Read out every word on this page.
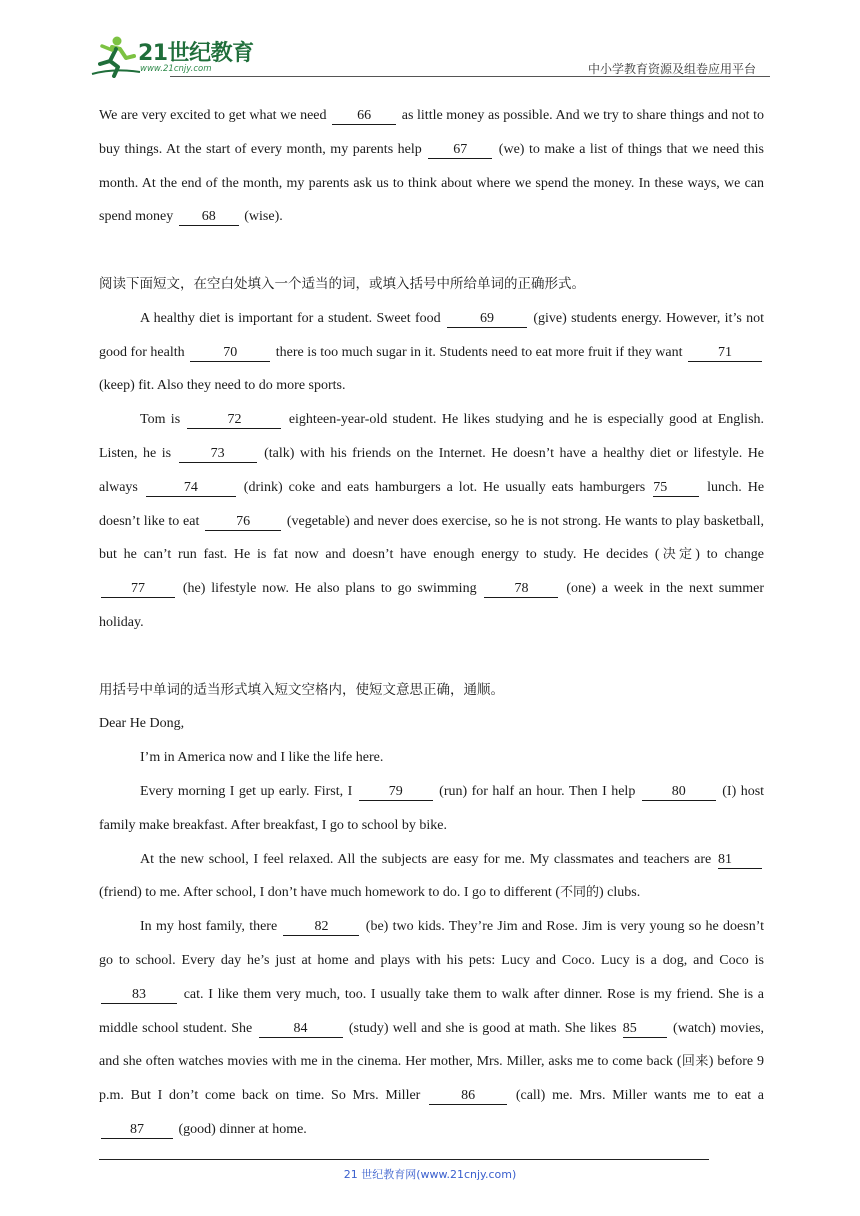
21世纪教育
www.21cnjy.com	中小学教育资源及组卷应用平台

We are very excited to get what we need 66 as little money as possible. And we try to share things and not to buy things. At the start of every month, my parents help 67 (we) to make a list of things that we need this month. At the end of the month, my parents ask us to think about where we spend the money. In these ways, we can spend money 68 (wise).

阅读下面短文，在空白处填入一个适当的词，或填入括号中所给单词的正确形式。

A healthy diet is important for a student. Sweet food	69	(give) students energy. However, it’s not good for health	70	there is too much sugar in it. Students need to eat more fruit if they want	71 (keep) fit. Also they need to do more sports.

Tom is	72	eighteen-year-old student. He likes studying and he is especially good at English. Listen, he is	73	(talk) with his friends on the Internet. He doesn’t have a healthy diet or lifestyle. He always	74	(drink) coke and eats hamburgers a lot. He usually eats hamburgers 75	lunch. He doesn’t like to eat	76	(vegetable) and never does exercise, so he is not strong. He wants to play basketball, but he can’t run fast. He is fat now and doesn’t have enough energy to study. He decides (决定) to change 77	(he) lifestyle now. He also plans to go swimming	78	(one) a week in the next summer holiday.

用括号中单词的适当形式填入短文空格内，使短文意思正确，通顺。

Dear He Dong,

I’m in America now and I like the life here.

Every morning I get up early. First, I	79	(run) for half an hour. Then I help	80	(I) host family make breakfast. After breakfast, I go to school by bike.

At the new school, I feel relaxed. All the subjects are easy for me. My classmates and teachers are 81 (friend) to me. After school, I don’t have much homework to do. I go to different (不同的) clubs.

In my host family, there	82	(be) two kids. They’re Jim and Rose. Jim is very young so he doesn’t go to school. Every day he’s just at home and plays with his pets: Lucy and Coco. Lucy is a dog, and Coco is 83	cat. I like them very much, too. I usually take them to walk after dinner. Rose is my friend. She is a middle school student. She	84	(study) well and she is good at math. She likes 85	(watch) movies, and she often watches movies with me in the cinema. Her mother, Mrs. Miller, asks me to come back (回来) before 9 p.m. But I don’t come back on time. So Mrs. Miller	86	(call) me. Mrs. Miller wants me to eat a 87 (good) dinner at home.

21 世纪教育网(www.21cnjy.com)
